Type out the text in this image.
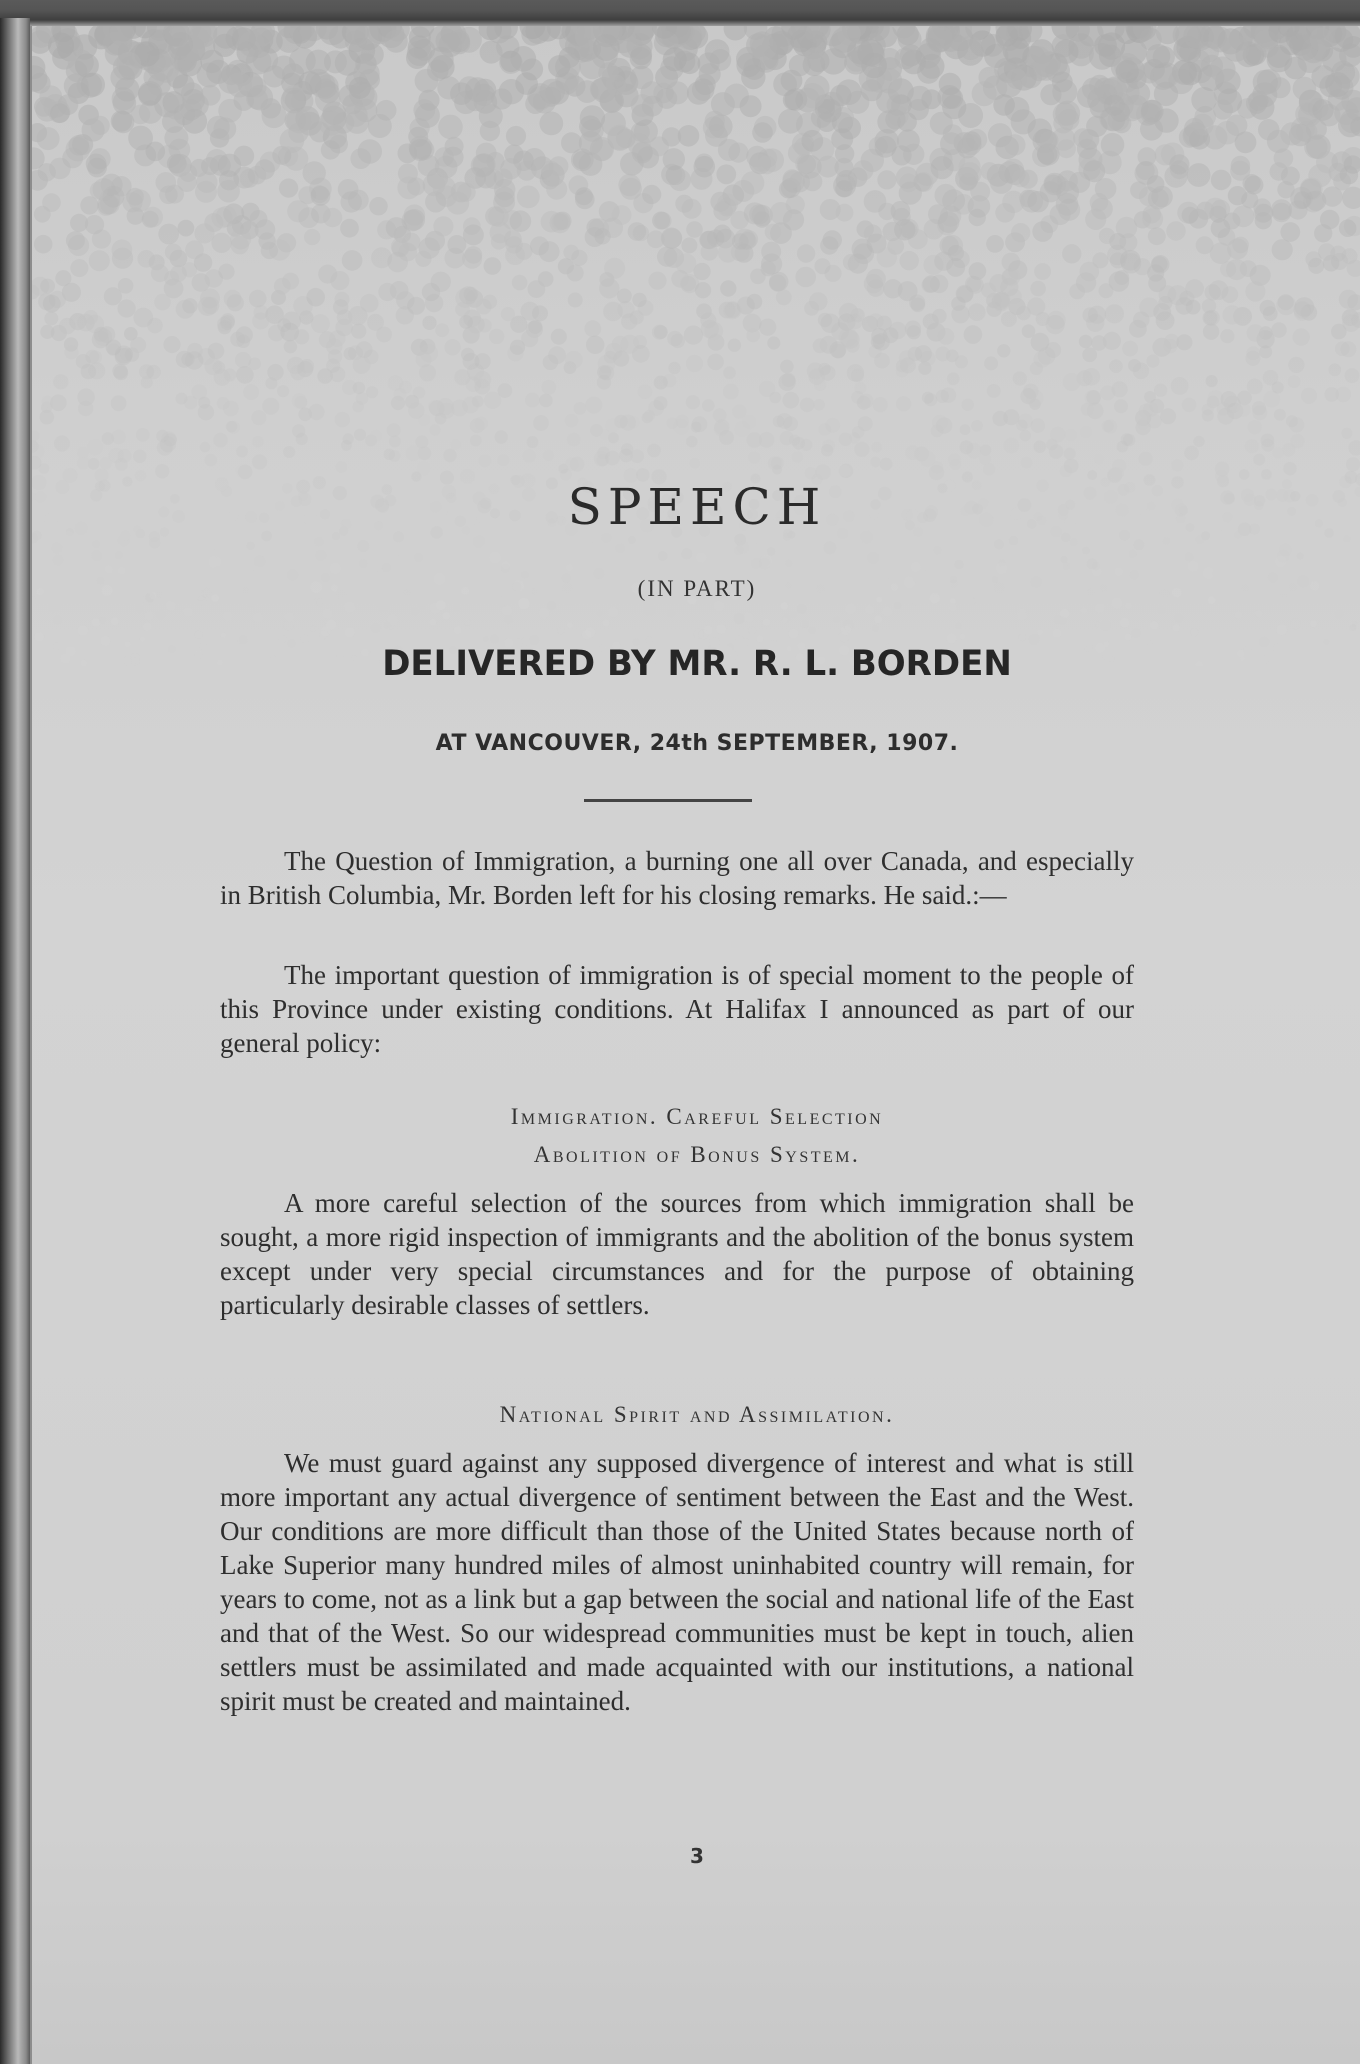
SPEECH
(IN PART)
DELIVERED BY MR. R. L. BORDEN
AT VANCOUVER, 24th SEPTEMBER, 1907.
The Question of Immigration, a burning one all over Canada, and especially in British Columbia, Mr. Borden left for his closing remarks. He said.:—
The important question of immigration is of special moment to the people of this Province under existing conditions. At Halifax I announced as part of our general policy:
Immigration. Careful Selection
Abolition of Bonus System.
A more careful selection of the sources from which immigration shall be sought, a more rigid inspection of immigrants and the abolition of the bonus system except under very special circumstances and for the purpose of obtaining particularly desirable classes of settlers.
National Spirit and Assimilation.
We must guard against any supposed divergence of interest and what is still more important any actual divergence of sentiment between the East and the West. Our conditions are more difficult than those of the United States because north of Lake Superior many hundred miles of almost uninhabited country will remain, for years to come, not as a link but a gap between the social and national life of the East and that of the West. So our widespread communities must be kept in touch, alien settlers must be assimilated and made acquainted with our institutions, a national spirit must be created and maintained.
3
